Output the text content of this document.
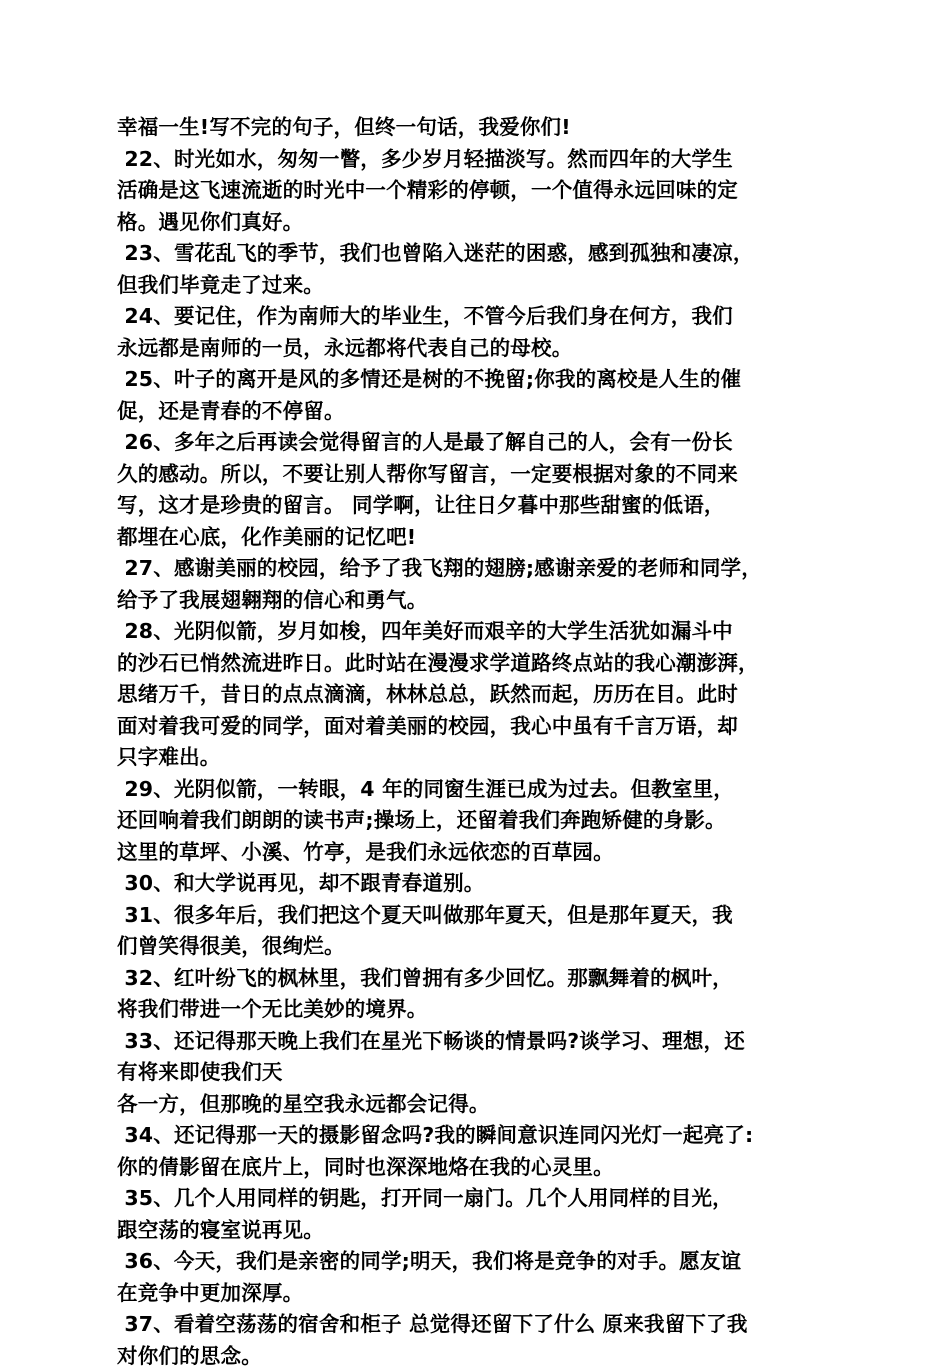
幸福一生!写不完的句子，但终一句话，我爱你们!
22、时光如水，匆匆一瞥，多少岁月轻描淡写。然而四年的大学生
活确是这飞速流逝的时光中一个精彩的停顿，一个值得永远回味的定
格。遇见你们真好。
23、雪花乱飞的季节，我们也曾陷入迷茫的困惑，感到孤独和凄凉，
但我们毕竟走了过来。
24、要记住，作为南师大的毕业生，不管今后我们身在何方，我们
永远都是南师的一员，永远都将代表自己的母校。
25、叶子的离开是风的多情还是树的不挽留;你我的离校是人生的催
促，还是青春的不停留。
26、多年之后再读会觉得留言的人是最了解自己的人，会有一份长
久的感动。所以，不要让别人帮你写留言，一定要根据对象的不同来
写，这才是珍贵的留言。 同学啊，让往日夕暮中那些甜蜜的低语，
都埋在心底，化作美丽的记忆吧!
27、感谢美丽的校园，给予了我飞翔的翅膀;感谢亲爱的老师和同学，
给予了我展翅翱翔的信心和勇气。
28、光阴似箭，岁月如梭，四年美好而艰辛的大学生活犹如漏斗中
的沙石已悄然流进昨日。此时站在漫漫求学道路终点站的我心潮澎湃，
思绪万千，昔日的点点滴滴，林林总总，跃然而起，历历在目。此时
面对着我可爱的同学，面对着美丽的校园，我心中虽有千言万语，却
只字难出。
29、光阴似箭，一转眼，4 年的同窗生涯已成为过去。但教室里，
还回响着我们朗朗的读书声;操场上，还留着我们奔跑矫健的身影。
这里的草坪、小溪、竹亭，是我们永远依恋的百草园。
30、和大学说再见，却不跟青春道别。
31、很多年后，我们把这个夏天叫做那年夏天，但是那年夏天，我
们曾笑得很美，很绚烂。
32、红叶纷飞的枫林里，我们曾拥有多少回忆。那飘舞着的枫叶，
将我们带进一个无比美妙的境界。
33、还记得那天晚上我们在星光下畅谈的情景吗?谈学习、理想，还
有将来即使我们天
各一方，但那晚的星空我永远都会记得。
34、还记得那一天的摄影留念吗?我的瞬间意识连同闪光灯一起亮了:
你的倩影留在底片上，同时也深深地烙在我的心灵里。
35、几个人用同样的钥匙，打开同一扇门。几个人用同样的目光，
跟空荡的寝室说再见。
36、今天，我们是亲密的同学;明天，我们将是竞争的对手。愿友谊
在竞争中更加深厚。
37、看着空荡荡的宿舍和柜子 总觉得还留下了什么 原来我留下了我
对你们的思念。
